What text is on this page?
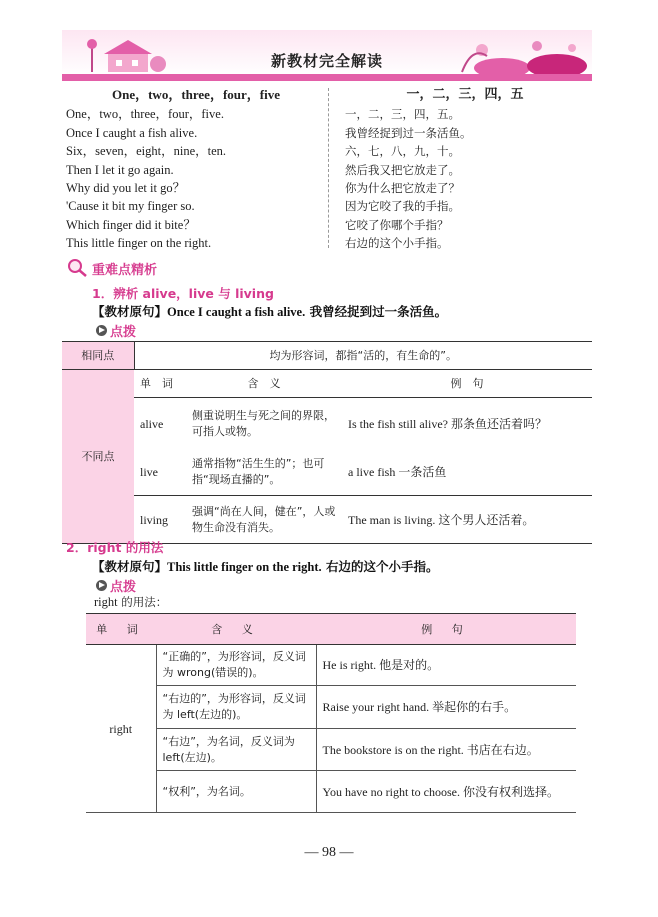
新教材完全解读
One，two，three，four，five
One，two，three，four，five.
Once I caught a fish alive.
Six，seven，eight，nine，ten.
Then I let it go again.
Why did you let it go？
'Cause it bit my finger so.
Which finger did it bite？
This little finger on the right.
一，二，三，四，五
一，二，三，四，五。
我曾经捉到过一条活鱼。
六，七，八，九，十。
然后我又把它放走了。
你为什么把它放走了？
因为它咬了我的手指。
它咬了你哪个手指？
右边的这个小手指。
重难点精析
1．辨析 alive，live 与 living
【教材原句】Once I caught a fish alive. 我曾经捉到过一条活鱼。
点拨
相同点	均为形容词，都指“活的，有生命的”。		
不同点	单　词	含　义	例　句
	alive	侧重说明生与死之间的界限，可指人或物。	Is the fish still alive? 那条鱼还活着吗？
	live	通常指物“活生生的”；也可指“现场直播的”。	a live fish 一条活鱼
	living	强调“尚在人间，健在”，人或物生命没有消失。	The man is living. 这个男人还活着。
2．right 的用法
【教材原句】This little finger on the right. 右边的这个小手指。
点拨
right 的用法：
单 词	含 义	例 句
right	“正确的”，为形容词，反义词为 wrong(错误的)。	He is right. 他是对的。
	“右边的”，为形容词，反义词为 left(左边的)。	Raise your right hand. 举起你的右手。
	“右边”，为名词，反义词为 left(左边)。	The bookstore is on the right. 书店在右边。
	“权利”，为名词。	You have no right to choose. 你没有权利选择。
— 98 —
